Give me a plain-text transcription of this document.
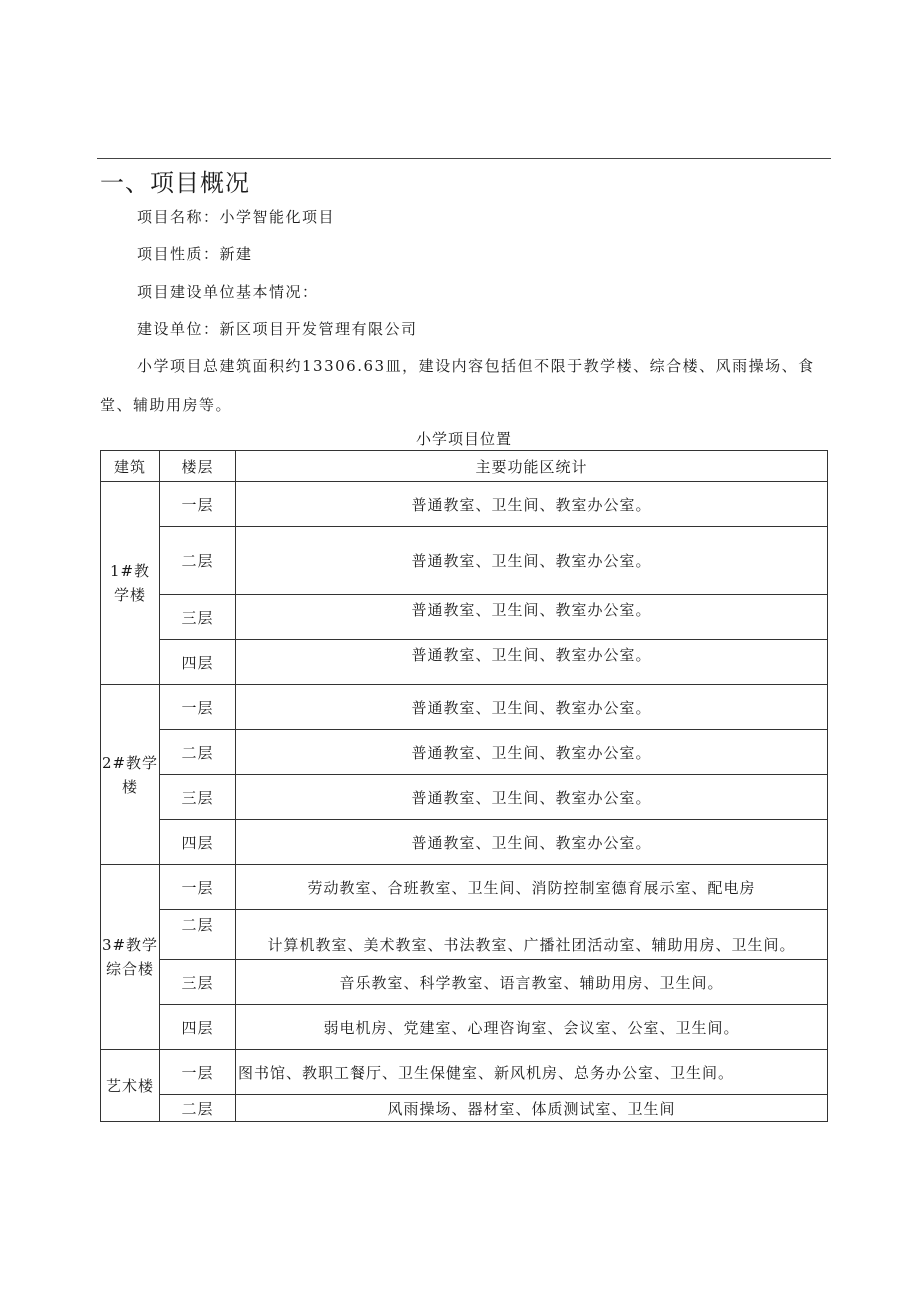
一、项目概况
项目名称：小学智能化项目
项目性质：新建
项目建设单位基本情况：
建设单位：新区项目开发管理有限公司
小学项目总建筑面积约13306.63皿，建设内容包括但不限于教学楼、综合楼、风雨操场、食
堂、辅助用房等。
小学项目位置
建筑	楼层	主要功能区统计

1#教
学楼	一层	普通教室、卫生间、教室办公室。
	二层	普通教室、卫生间、教室办公室。
	三层	普通教室、卫生间、教室办公室。
	四层	普通教室、卫生间、教室办公室。

2#教学
楼	一层	普通教室、卫生间、教室办公室。
	二层	普通教室、卫生间、教室办公室。
	三层	普通教室、卫生间、教室办公室。
	四层	普通教室、卫生间、教室办公室。

3#教学
综合楼	一层	劳动教室、合班教室、卫生间、消防控制室德育展示室、配电房
	二层	计算机教室、美术教室、书法教室、广播社团活动室、辅助用房、卫生间。
	三层	音乐教室、科学教室、语言教室、辅助用房、卫生间。
	四层	弱电机房、党建室、心理咨询室、会议室、公室、卫生间。

艺术楼	一层	图书馆、教职工餐厅、卫生保健室、新风机房、总务办公室、卫生间。
	二层	风雨操场、器材室、体质测试室、卫生间
